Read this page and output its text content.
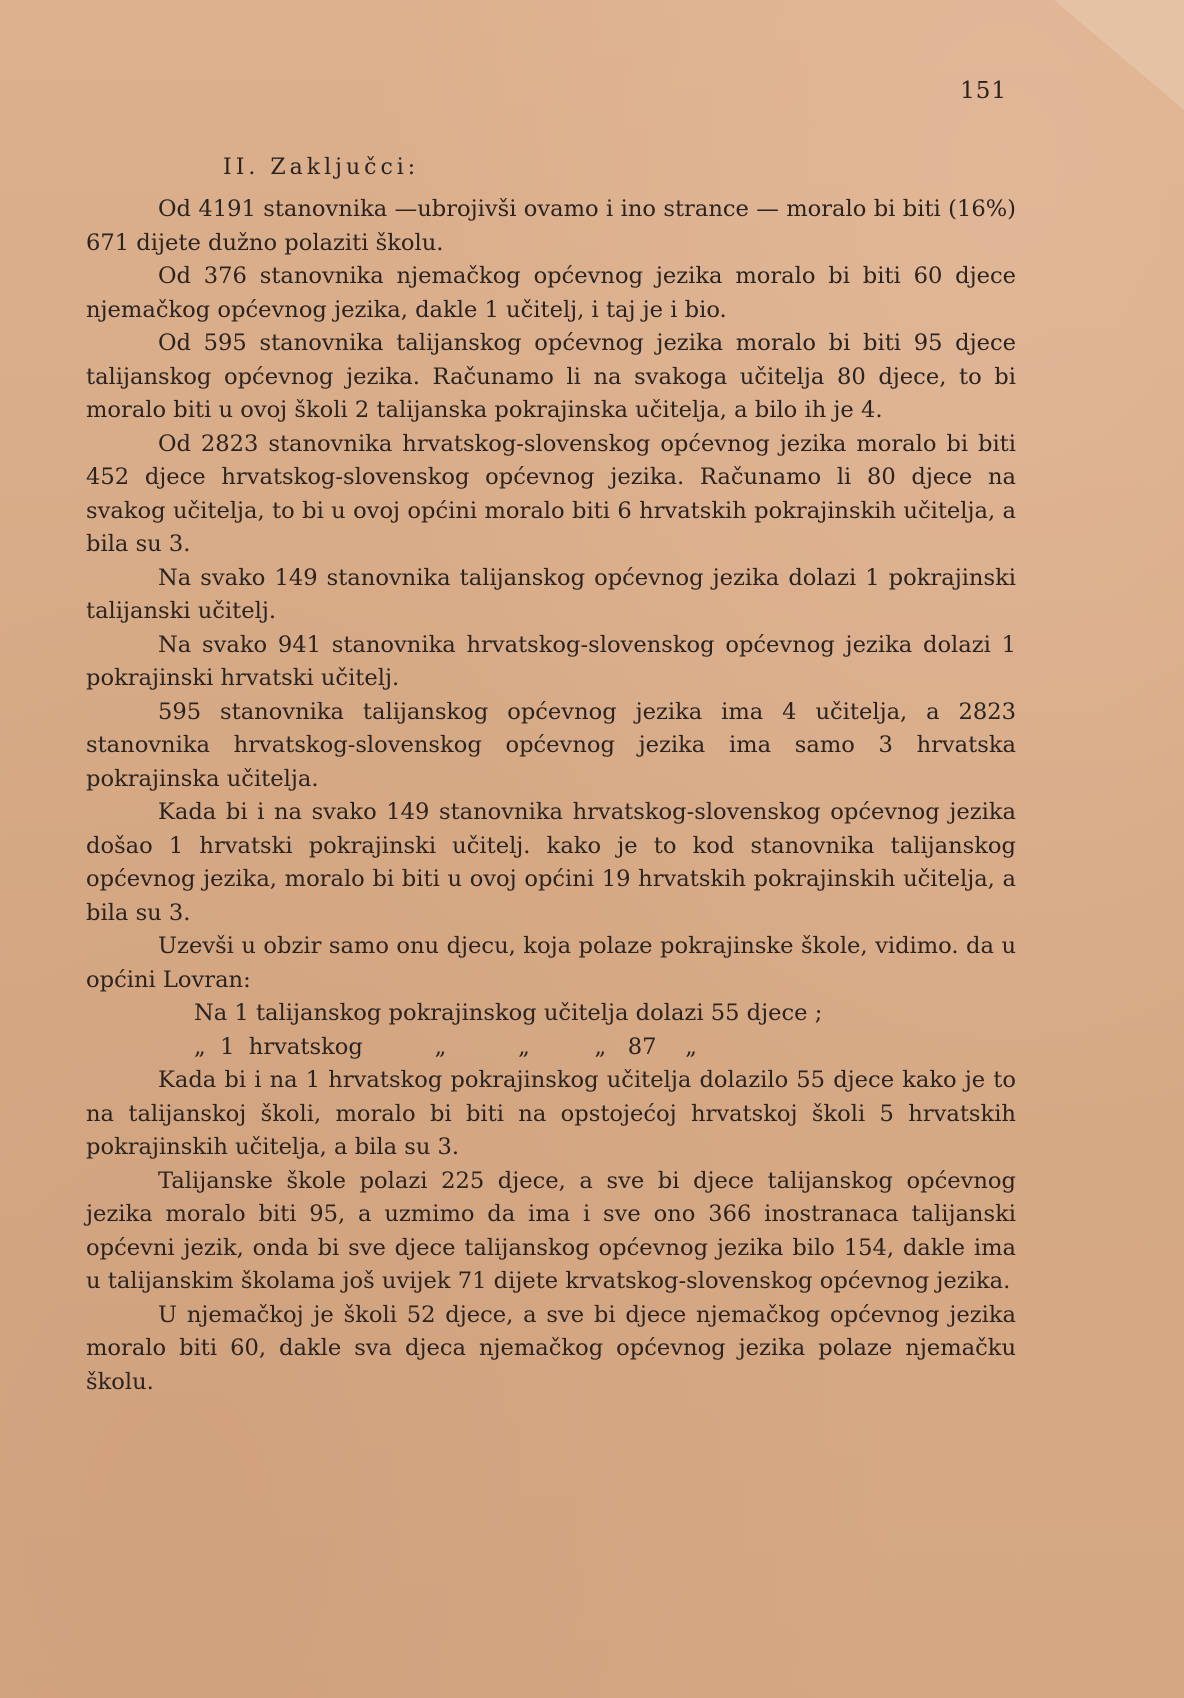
151
II. Zaključci:

Od 4191 stanovnika —ubrojivši ovamo i ino strance — moralo bi biti (16%) 671 dijete dužno polaziti školu.

Od 376 stanovnika njemačkog općevnog jezika moralo bi biti 60 djece njemačkog općevnog jezika, dakle 1 učitelj, i taj je i bio.

Od 595 stanovnika talijanskog općevnog jezika moralo bi biti 95 djece talijanskog općevnog jezika. Računamo li na svakoga učitelja 80 djece, to bi moralo biti u ovoj školi 2 talijanska pokrajinska učitelja, a bilo ih je 4.

Od 2823 stanovnika hrvatskog-slovenskog općevnog jezika moralo bi biti 452 djece hrvatskog-slovenskog općevnog jezika. Računamo li 80 djece na svakog učitelja, to bi u ovoj općini moralo biti 6 hrvatskih pokrajinskih učitelja, a bila su 3.

Na svako 149 stanovnika talijanskog općevnog jezika dolazi 1 pokrajinski talijanski učitelj.

Na svako 941 stanovnika hrvatskog-slovenskog općevnog jezika dolazi 1 pokrajinski hrvatski učitelj.

595 stanovnika talijanskog općevnog jezika ima 4 učitelja, a 2823 stanovnika hrvatskog-slovenskog općevnog jezika ima samo 3 hrvatska pokrajinska učitelja.

Kada bi i na svako 149 stanovnika hrvatskog-slovenskog općevnog jezika došao 1 hrvatski pokrajinski učitelj. kako je to kod stanovnika talijanskog općevnog jezika, moralo bi biti u ovoj općini 19 hrvatskih pokrajinskih učitelja, a bila su 3.

Uzevši u obzir samo onu djecu, koja polaze pokrajinske škole, vidimo. da u općini Lovran:

Na 1 talijanskog pokrajinskog učitelja dolazi 55 djece ;
„  1  hrvatskog          „          „         „   87    „

Kada bi i na 1 hrvatskog pokrajinskog učitelja dolazilo 55 djece kako je to na talijanskoj školi, moralo bi biti na opstojećoj hrvatskoj školi 5 hrvatskih pokrajinskih učitelja, a bila su 3.

Talijanske škole polazi 225 djece, a sve bi djece talijanskog općevnog jezika moralo biti 95, a uzmimo da ima i sve ono 366 inostranaca talijanski općevni jezik, onda bi sve djece talijanskog općevnog jezika bilo 154, dakle ima u talijanskim školama još uvijek 71 dijete krvatskog-slovenskog općevnog jezika.

U njemačkoj je školi 52 djece, a sve bi djece njemačkog općevnog jezika moralo biti 60, dakle sva djeca njemačkog općevnog jezika polaze njemačku školu.
